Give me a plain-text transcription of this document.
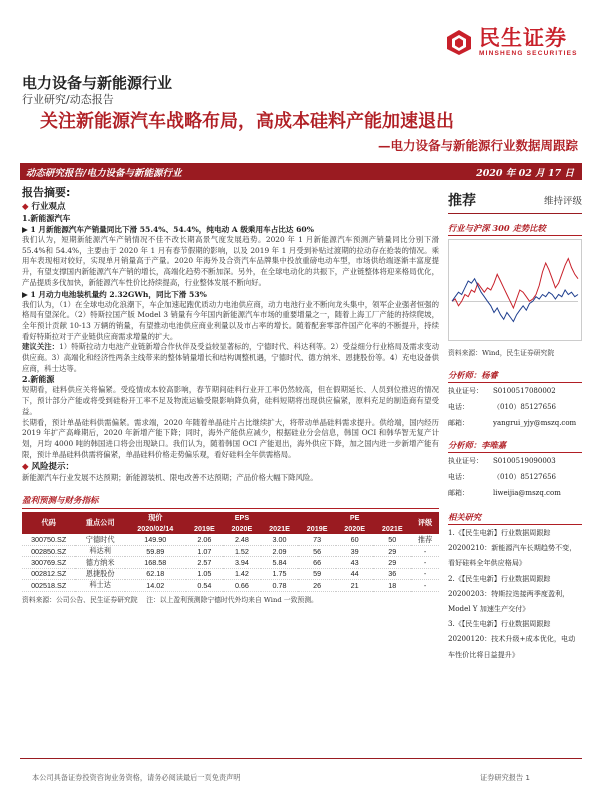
民生证券
MINSHENG SECURITIES
电力设备与新能源行业
行业研究/动态报告
关注新能源汽车战略布局，高成本硅料产能加速退出
—电力设备与新能源行业数据周跟踪
动态研究报告/电力设备与新能源行业	2020 年 02 月 17 日
报告摘要:
◆ 行业观点
1.新能源汽车
▶ 1 月新能源汽车产销量同比下滑 55.4%、54.4%，纯电动 A 级乘用车占比达 60%
我们认为，短期新能源汽车产销情况不佳不改长期高景气度发展趋势。2020 年 1 月新能源汽车预测产销量同比分别下滑 55.4%和 54.4%，主要由于 2020 年 1 月有春节假期的影响，以及 2019 年 1 月受到补贴过渡期的拉动存在抢装的情况。乘用车表现相对较好，实现单月销量高于产量。2020 年海外及合资汽车品牌集中投放重磅电动车型，市场供给端逐渐丰富度提升，有望支撑国内新能源汽车产销的增长，高端化趋势不断加深。另外，在全球电动化的共振下，产业链整体将迎来格局优化，产品提质多伐加快，新能源汽车性价比持续提高，行业整体发展不断向好。
▶ 1 月动力电池装机量约 2.32GWh，同比下滑 53%
我们认为，（1）在全球电动化浪潮下，车企加速起跑优质动力电池供应商，动力电池行业不断向龙头集中，领军企业强者恒强的格局有望深化。（2）特斯拉国产版 Model 3 销量有今年国内新能源汽车市场的重要增量之一，随着上海工厂产能的持续爬坡，全年预计贡献 10-13 万辆的销量，有望推动电池供应商业利量以及市占率的增长。随着配套零部件国产化率的不断提升，持续看好特斯拉对于产业链供应商需求增量的扩大。
建议关注：1）特斯拉动力电池产业链新增合作伙伴及受益较显著标的，宁德时代、科达利等。2）受益细分行业格局及需求变动供应商。3）高端化和经济性两条主线带来的整体销量增长和结构调整机遇，宁德时代、德方纳米、恩捷股份等。4）充电设备供应商，科士达等。
2.新能源
短期看，硅料供应关将偏紧。受疫情成本较高影响，春节期间硅料行业开工率仍然较高，但在假期延长、人员到位推迟的情况下，预计部分产能或将受到硅粉开工率不足及物流运输受限影响降负荷，硅料短期将出现供应偏紧，原料充足的制造商有望受益。
长期看，预计单晶硅料供需偏紧。需求端，2020 年随着单晶硅片占比继续扩大，将带动单晶硅料需求提升。供给端，国内经历 2019 年扩产高峰期后，2020 年新增产能下降；同时，海外产能供应减少，根据硅业分会信息，韩国 OCI 和韩华智无复产计划，月均 4000 吨的韩国进口将会出现缺口。我们认为，随着韩国 OCI 产能退出，海外供应下降，加之国内进一步新增产能有限，预计单晶硅料供需将偏紧，单晶硅料价格走势偏乐观，看好硅料全年供需格局。
◆ 风险提示：
新能源汽车行业发展不达预期；新能源装机、限电改善不达预期；产品价格大幅下降风险。
盈利预测与财务指标
代码	重点公司	现价	EPS			PE			评级
		2020/02/14	2019E	2020E	2021E	2019E	2020E	2021E	
300750.SZ	宁德时代	149.90	2.06	2.48	3.00	73	60	50	推荐
002850.SZ	科达利	59.89	1.07	1.52	2.09	56	39	29	-
300769.SZ	德方纳米	168.58	2.57	3.94	5.84	66	43	29	-
002812.SZ	恩捷股份	62.18	1.05	1.42	1.75	59	44	36	-
002518.SZ	科士达	14.02	0.54	0.66	0.78	26	21	18	-
资料来源：公司公告、民生证券研究院 注：以上盈利预测除宁德时代外均来自 Wind 一致预测。
推荐	维持评级
行业与沪深 300 走势比较
资料来源：Wind，民生证券研究院
分析师：杨睿
执业证号：	S0100517080002
电话：	（010）85127656
邮箱：	yangrui_yjy@mszq.com
分析师：李唯嘉
执业证号：	S0100519090003
电话：	（010）85127656
邮箱：	liweijia@mszq.com
相关研究
1.《【民生电新】行业数据周跟踪 20200210：新能源汽车长期趋势不变，看好硅料全年供应格局》
2.《【民生电新】行业数据周跟踪 20200203：特斯拉迭接两季度盈利，Model Y 加速生产交付》
3.《【民生电新】行业数据周跟踪 20200120：技术升级+成本优化，电动车性价比将日益提升》
本公司具备证券投资咨询业务资格，请务必阅读最后一页免责声明	证券研究报告 1
